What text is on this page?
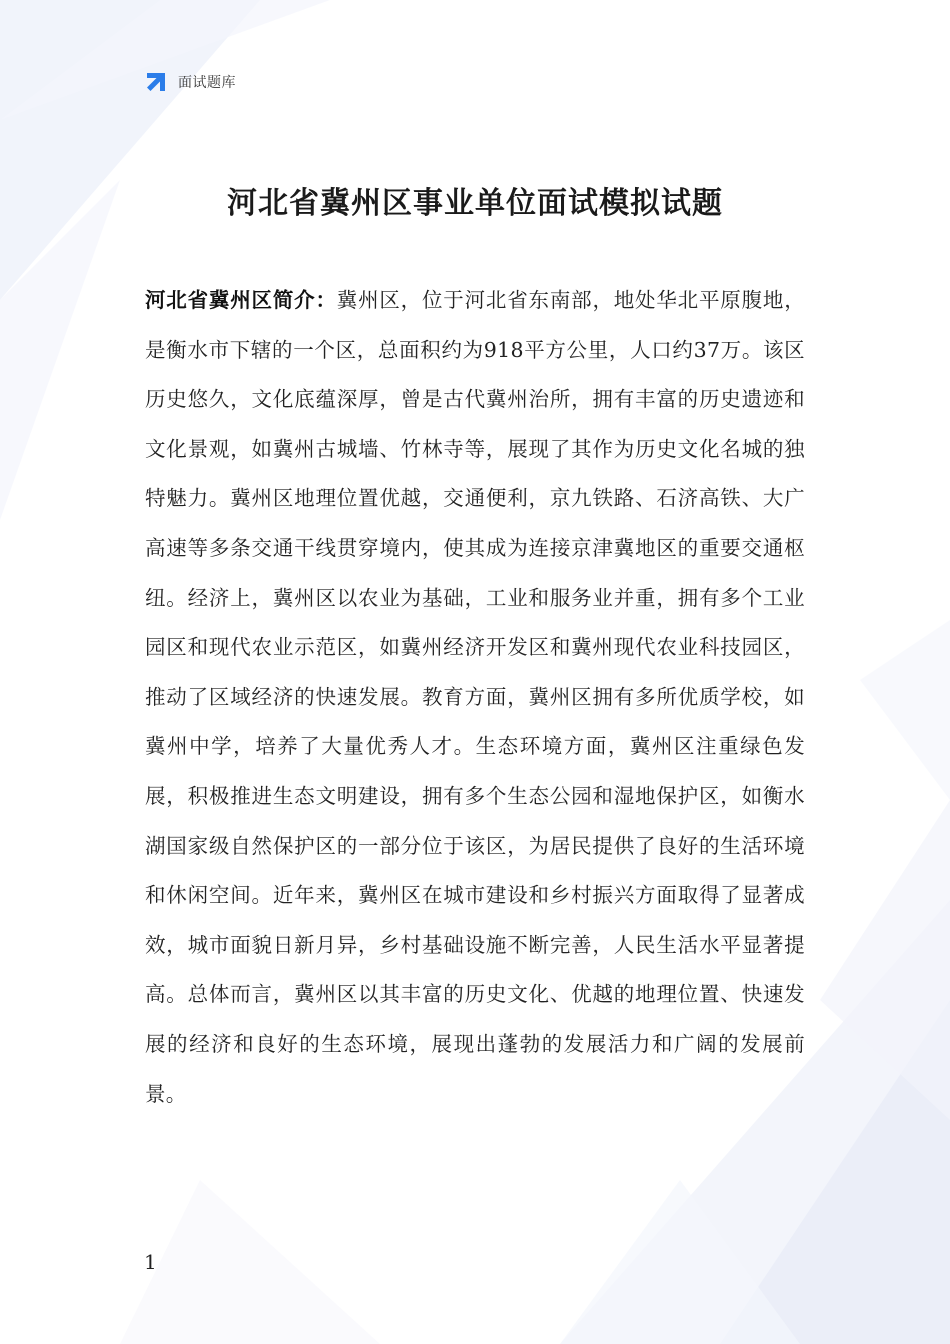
面试题库
河北省冀州区事业单位面试模拟试题

河北省冀州区简介：冀州区，位于河北省东南部，地处华北平原腹地，是衡水市下辖的一个区，总面积约为918平方公里，人口约37万。该区历史悠久，文化底蕴深厚，曾是古代冀州治所，拥有丰富的历史遗迹和文化景观，如冀州古城墙、竹林寺等，展现了其作为历史文化名城的独特魅力。冀州区地理位置优越，交通便利，京九铁路、石济高铁、大广高速等多条交通干线贯穿境内，使其成为连接京津冀地区的重要交通枢纽。经济上，冀州区以农业为基础，工业和服务业并重，拥有多个工业园区和现代农业示范区，如冀州经济开发区和冀州现代农业科技园区，推动了区域经济的快速发展。教育方面，冀州区拥有多所优质学校，如冀州中学，培养了大量优秀人才。生态环境方面，冀州区注重绿色发展，积极推进生态文明建设，拥有多个生态公园和湿地保护区，如衡水湖国家级自然保护区的一部分位于该区，为居民提供了良好的生活环境和休闲空间。近年来，冀州区在城市建设和乡村振兴方面取得了显著成效，城市面貌日新月异，乡村基础设施不断完善，人民生活水平显著提高。总体而言，冀州区以其丰富的历史文化、优越的地理位置、快速发展的经济和良好的生态环境，展现出蓬勃的发展活力和广阔的发展前景。

1
